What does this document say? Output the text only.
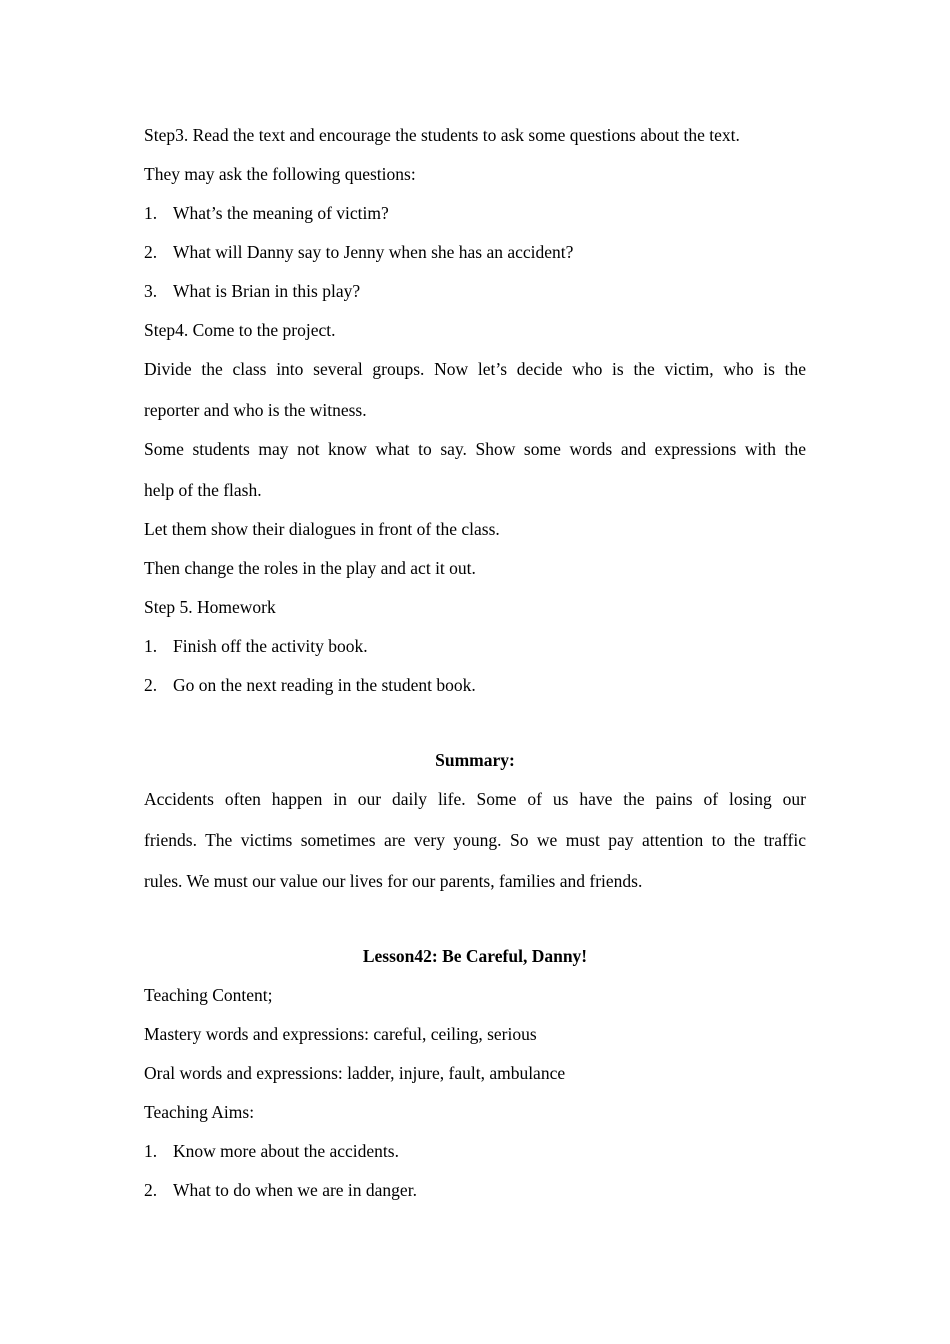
Step3. Read the text and encourage the students to ask some questions about the text.

They may ask the following questions:

1. What’s the meaning of victim?

2. What will Danny say to Jenny when she has an accident?

3. What is Brian in this play?

Step4. Come to the project.

Divide the class into several groups. Now let’s decide who is the victim, who is the

reporter and who is the witness.

Some students may not know what to say. Show some words and expressions with the

help of the flash.

Let them show their dialogues in front of the class.

Then change the roles in the play and act it out.

Step 5. Homework

1. Finish off the activity book.

2. Go on the next reading in the student book.

Summary:

Accidents often happen in our daily life. Some of us have the pains of losing our

friends. The victims sometimes are very young. So we must pay attention to the traffic

rules. We must our value our lives for our parents, families and friends.

Lesson42: Be Careful, Danny!

Teaching Content;

Mastery words and expressions: careful, ceiling, serious

Oral words and expressions: ladder, injure, fault, ambulance

Teaching Aims:

1. Know more about the accidents.

2. What to do when we are in danger.
